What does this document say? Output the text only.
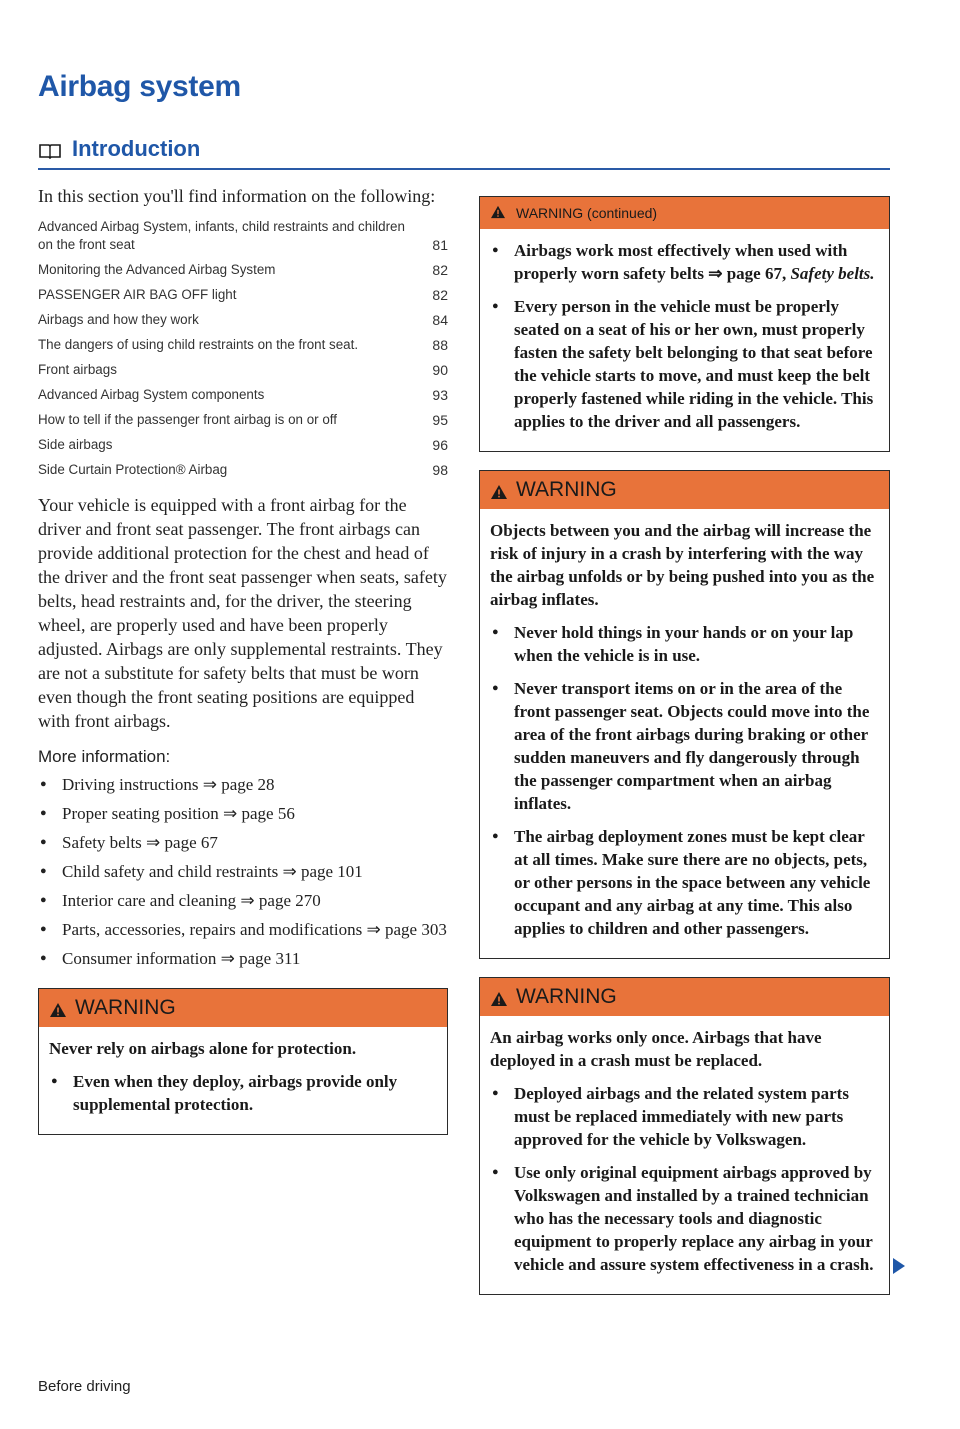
Airbag system
Introduction

In this section you'll find information on the following:

Advanced Airbag System, infants, child restraints and children on the front seat	81
Monitoring the Advanced Airbag System	82
PASSENGER AIR BAG OFF light	82
Airbags and how they work	84
The dangers of using child restraints on the front seat.	88
Front airbags	90
Advanced Airbag System components	93
How to tell if the passenger front airbag is on or off	95
Side airbags	96
Side Curtain Protection® Airbag	98

Your vehicle is equipped with a front airbag for the driver and front seat passenger. The front airbags can provide additional protection for the chest and head of the driver and the front seat passenger when seats, safety belts, head restraints and, for the driver, the steering wheel, are properly used and have been properly adjusted. Airbags are only supplemental restraints. They are not a substitute for safety belts that must be worn even though the front seating positions are equipped with front airbags.

More information:
● Driving instructions ⇒ page 28
● Proper seating position ⇒ page 56
● Safety belts ⇒ page 67
● Child safety and child restraints ⇒ page 101
● Interior care and cleaning ⇒ page 270
● Parts, accessories, repairs and modifications ⇒ page 303
● Consumer information ⇒ page 311
WARNING

Never rely on airbags alone for protection.

● Even when they deploy, airbags provide only supplemental protection.
WARNING (continued)
● Airbags work most effectively when used with properly worn safety belts ⇒ page 67, Safety belts.
● Every person in the vehicle must be properly seated on a seat of his or her own, must properly fasten the safety belt belonging to that seat before the vehicle starts to move, and must keep the belt properly fastened while riding in the vehicle. This applies to the driver and all passengers.
WARNING

Objects between you and the airbag will increase the risk of injury in a crash by interfering with the way the airbag unfolds or by being pushed into you as the airbag inflates.

● Never hold things in your hands or on your lap when the vehicle is in use.
● Never transport items on or in the area of the front passenger seat. Objects could move into the area of the front airbags during braking or other sudden maneuvers and fly dangerously through the passenger compartment when an airbag inflates.
● The airbag deployment zones must be kept clear at all times. Make sure there are no objects, pets, or other persons in the space between any vehicle occupant and any airbag at any time. This also applies to children and other passengers.
WARNING

An airbag works only once. Airbags that have deployed in a crash must be replaced.

● Deployed airbags and the related system parts must be replaced immediately with new parts approved for the vehicle by Volkswagen.
● Use only original equipment airbags approved by Volkswagen and installed by a trained technician who has the necessary tools and diagnostic equipment to properly replace any airbag in your vehicle and assure system effectiveness in a crash.
Before driving
